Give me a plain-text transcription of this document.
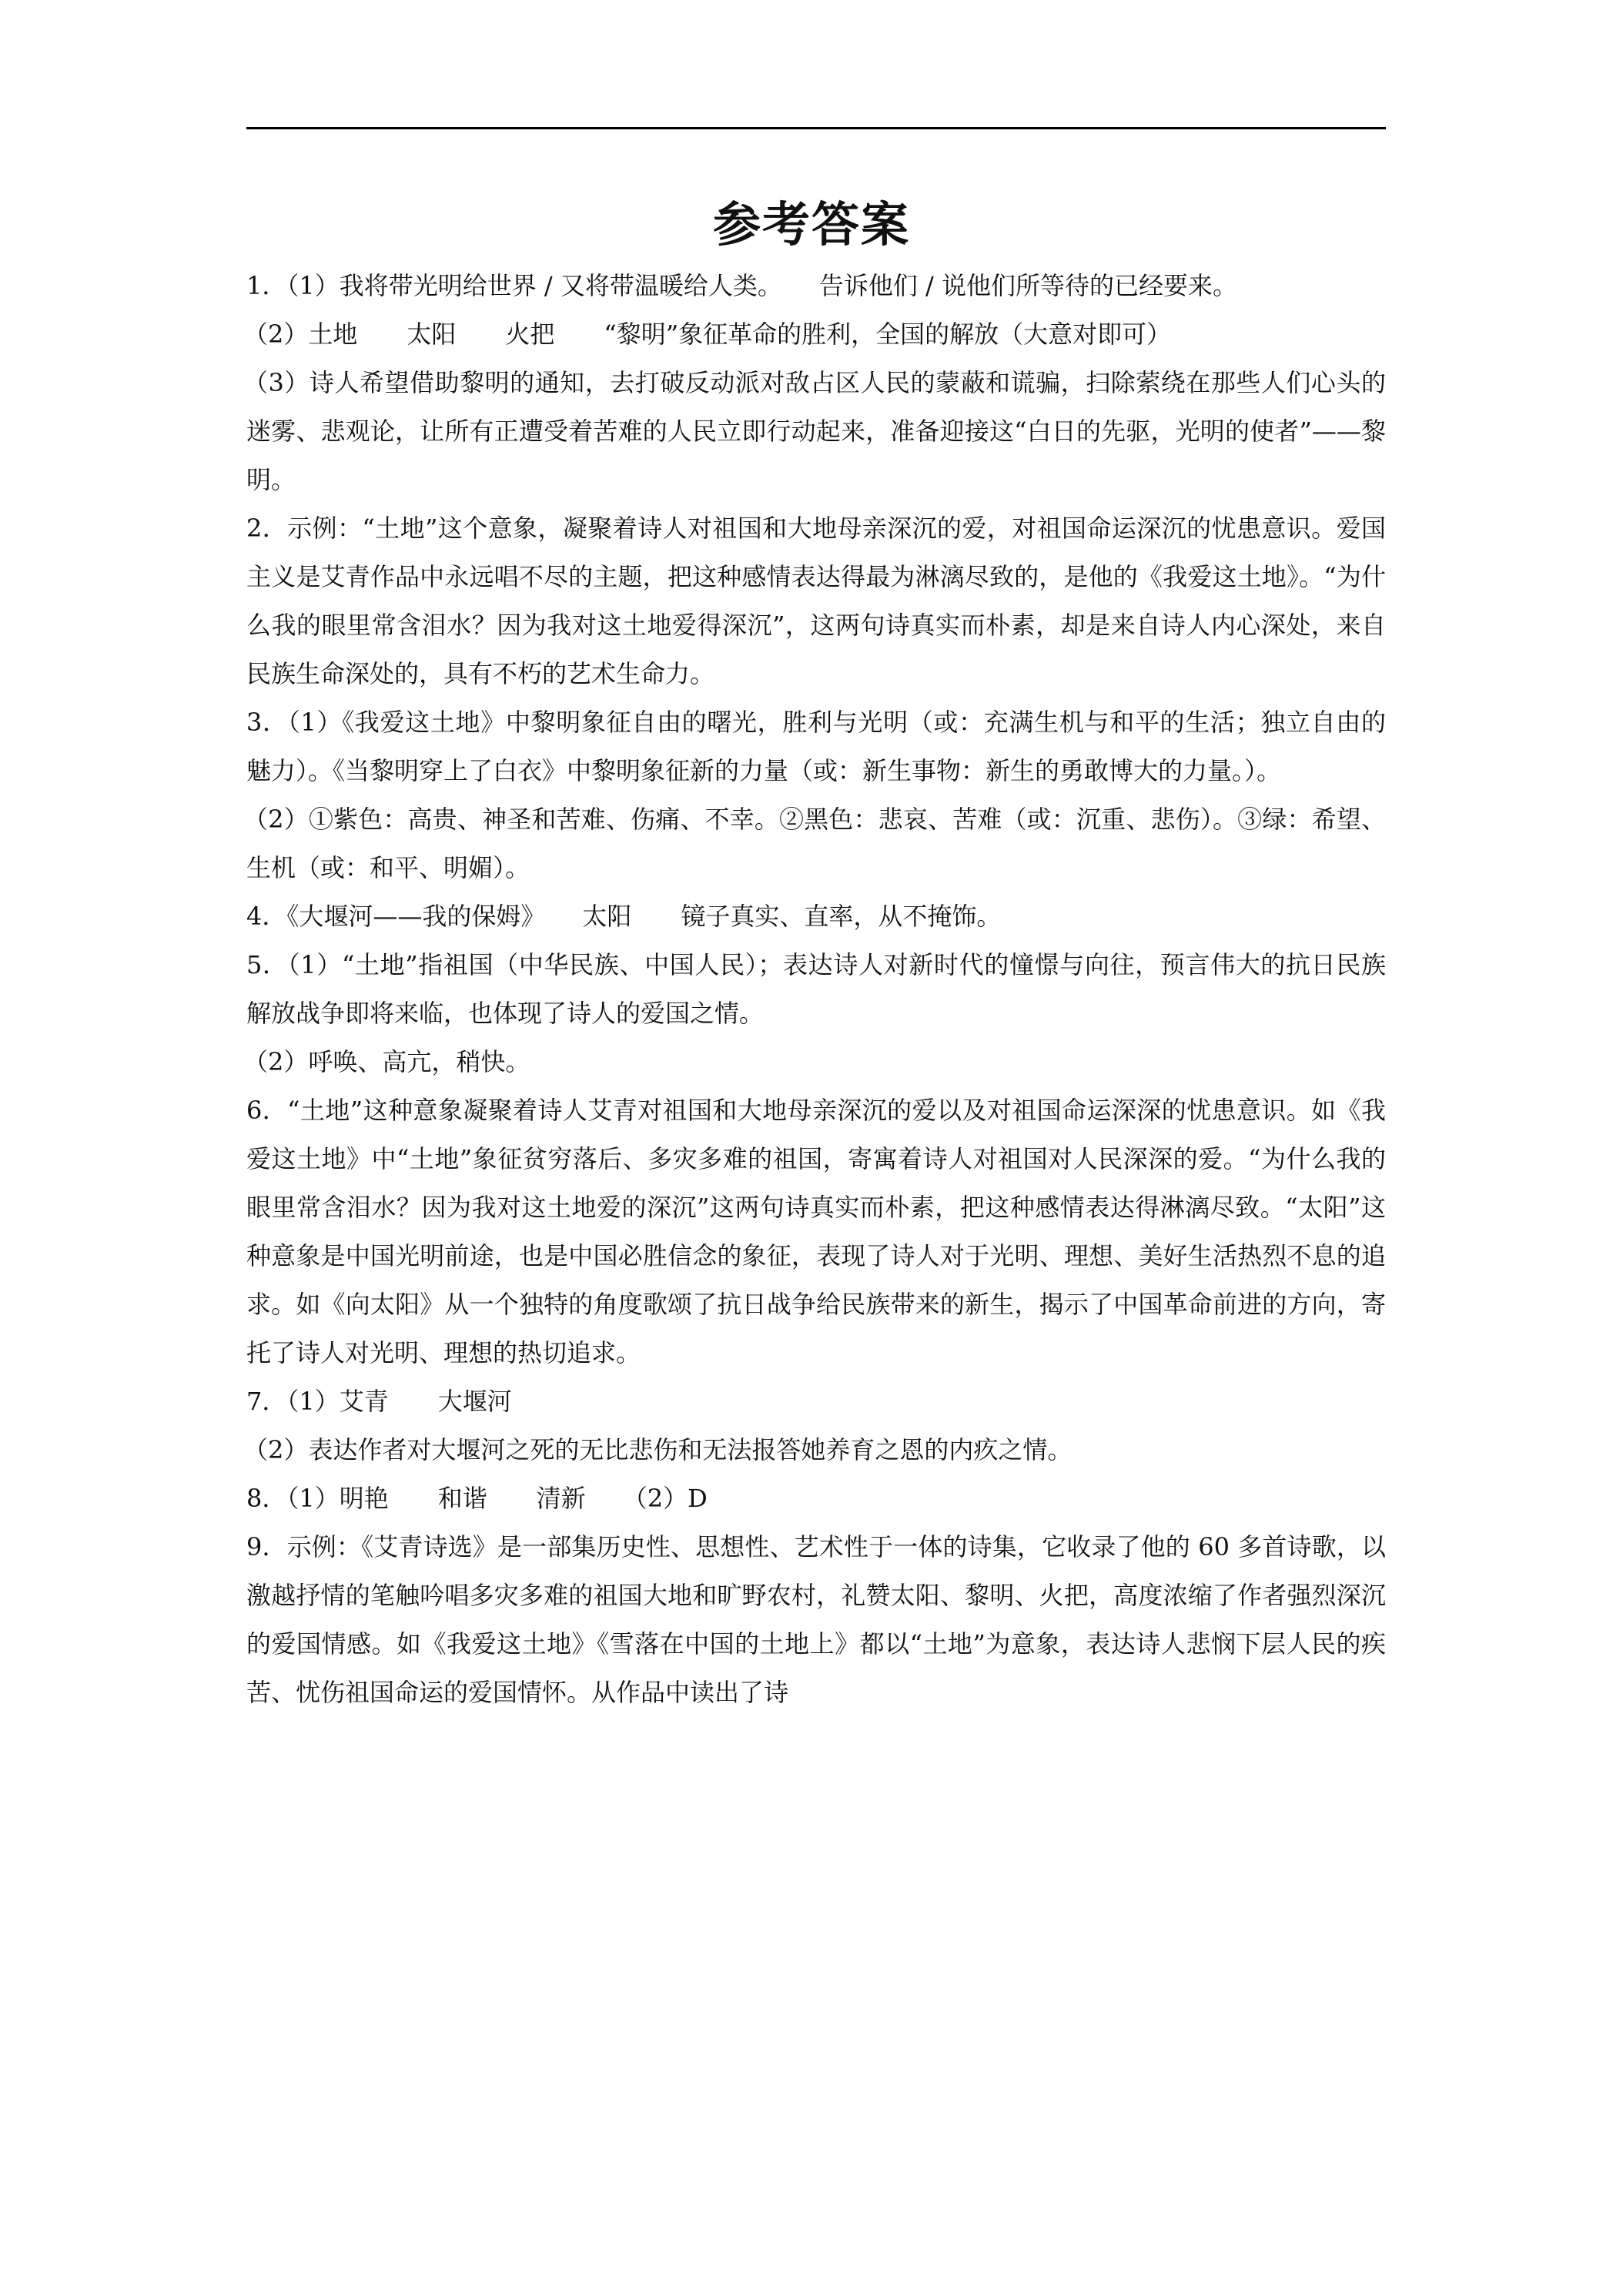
参考答案

1．（1）我将带光明给世界 / 又将带温暖给人类。　　告诉他们 / 说他们所等待的已经要来。

（2）土地　　太阳　　火把　　“黎明”象征革命的胜利，全国的解放（大意对即可）

（3）诗人希望借助黎明的通知，去打破反动派对敌占区人民的蒙蔽和谎骗，扫除萦绕在那些人们心头的迷雾、悲观论，让所有正遭受着苦难的人民立即行动起来，准备迎接这“白日的先驱，光明的使者”——黎明。

2．示例：“土地”这个意象，凝聚着诗人对祖国和大地母亲深沉的爱，对祖国命运深沉的忧患意识。爱国主义是艾青作品中永远唱不尽的主题，把这种感情表达得最为淋漓尽致的，是他的《我爱这土地》。“为什么我的眼里常含泪水？因为我对这土地爱得深沉”，这两句诗真实而朴素，却是来自诗人内心深处，来自民族生命深处的，具有不朽的艺术生命力。

3．（1）《我爱这土地》中黎明象征自由的曙光，胜利与光明（或：充满生机与和平的生活；独立自由的魅力）。《当黎明穿上了白衣》中黎明象征新的力量（或：新生事物：新生的勇敢博大的力量。）。

（2）①紫色：高贵、神圣和苦难、伤痛、不幸。②黑色：悲哀、苦难（或：沉重、悲伤）。③绿：希望、生机（或：和平、明媚）。

4．《大堰河——我的保姆》　　太阳　　镜子真实、直率，从不掩饰。

5．（1）“土地”指祖国（中华民族、中国人民）；表达诗人对新时代的憧憬与向往，预言伟大的抗日民族解放战争即将来临，也体现了诗人的爱国之情。

（2）呼唤、高亢，稍快。

6．“土地”这种意象凝聚着诗人艾青对祖国和大地母亲深沉的爱以及对祖国命运深深的忧患意识。如《我爱这土地》中“土地”象征贫穷落后、多灾多难的祖国，寄寓着诗人对祖国对人民深深的爱。“为什么我的眼里常含泪水？因为我对这土地爱的深沉”这两句诗真实而朴素，把这种感情表达得淋漓尽致。“太阳”这种意象是中国光明前途，也是中国必胜信念的象征，表现了诗人对于光明、理想、美好生活热烈不息的追求。如《向太阳》从一个独特的角度歌颂了抗日战争给民族带来的新生，揭示了中国革命前进的方向，寄托了诗人对光明、理想的热切追求。

7．（1）艾青　　大堰河

（2）表达作者对大堰河之死的无比悲伤和无法报答她养育之恩的内疚之情。

8．（1）明艳　　和谐　　清新　　（2）D

9．示例：《艾青诗选》是一部集历史性、思想性、艺术性于一体的诗集，它收录了他的 60 多首诗歌，以激越抒情的笔触吟唱多灾多难的祖国大地和旷野农村，礼赞太阳、黎明、火把，高度浓缩了作者强烈深沉的爱国情感。如《我爱这土地》《雪落在中国的土地上》都以“土地”为意象，表达诗人悲悯下层人民的疾苦、忧伤祖国命运的爱国情怀。从作品中读出了诗
